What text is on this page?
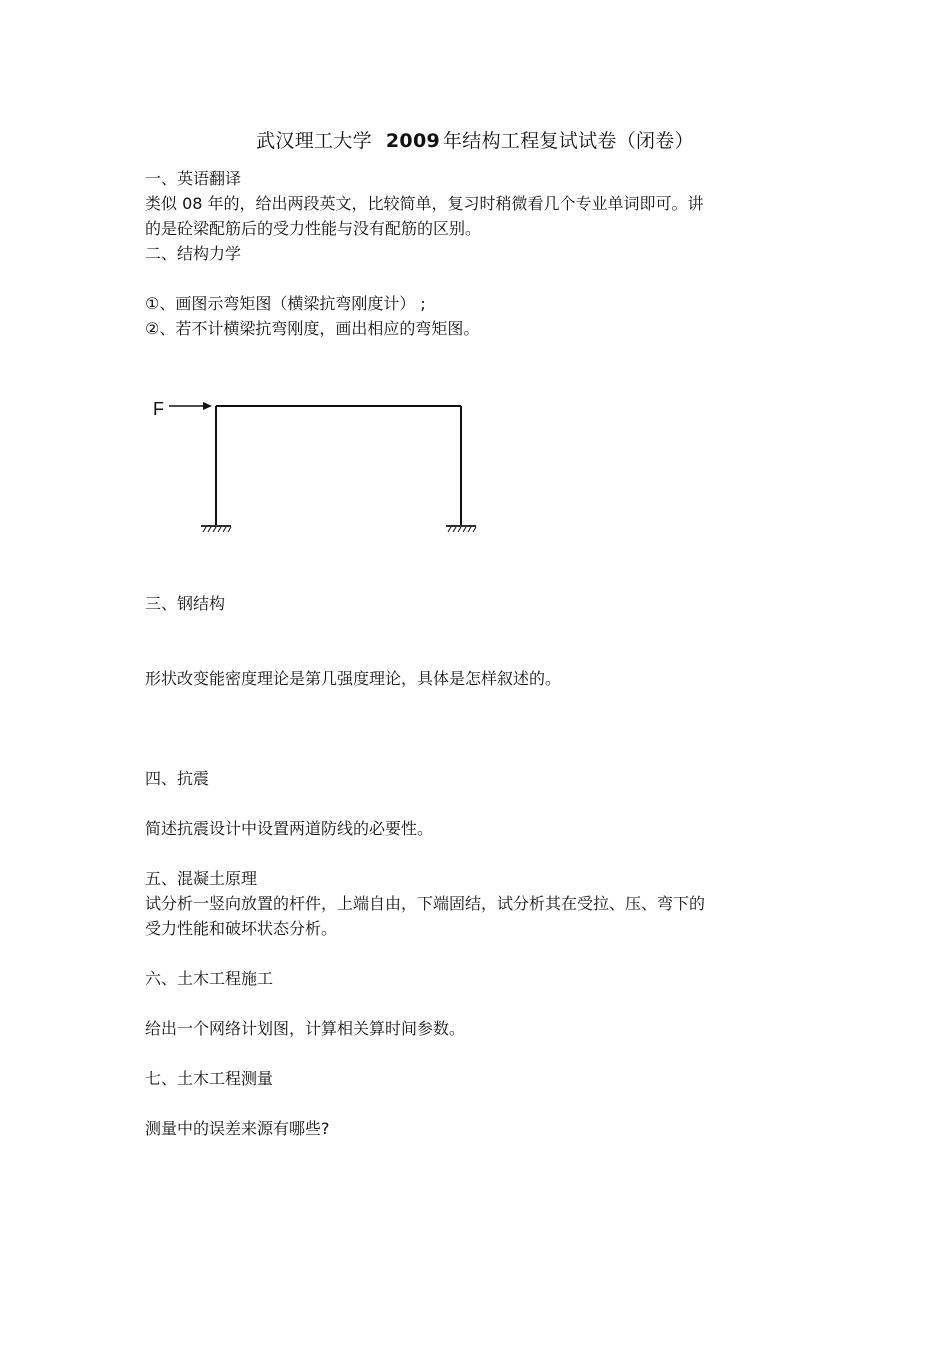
武汉理工大学 2009 年结构工程复试试卷（闭卷）
一、英语翻译
类似 08 年的，给出两段英文，比较简单，复习时稍微看几个专业单词即可。讲
的是砼梁配筋后的受力性能与没有配筋的区别。
二、结构力学
①、画图示弯矩图（横梁抗弯刚度计） ;
②、若不计横梁抗弯刚度，画出相应的弯矩图。
F
三、钢结构
形状改变能密度理论是第几强度理论，具体是怎样叙述的。
四、抗震
简述抗震设计中设置两道防线的必要性。
五、混凝土原理
试分析一竖向放置的杆件，上端自由，下端固结，试分析其在受拉、压、弯下的
受力性能和破坏状态分析。
六、土木工程施工
给出一个网络计划图，计算相关算时间参数。
七、土木工程测量
测量中的误差来源有哪些?
